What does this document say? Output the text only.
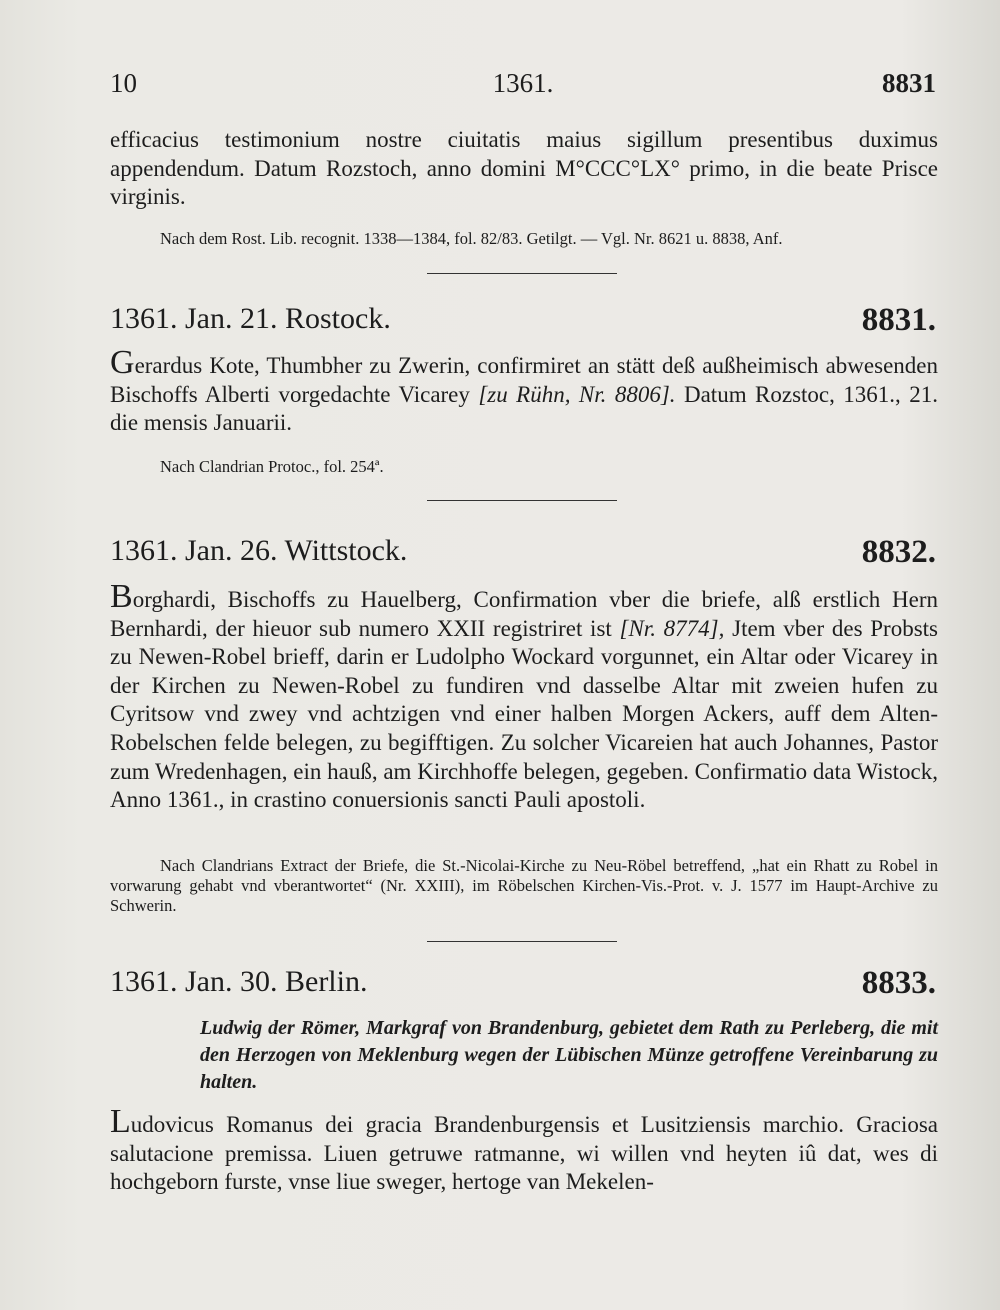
10	1361.	8831

efficacius testimonium nostre ciuitatis maius sigillum presentibus duximus appendendum. Datum Rozstoch, anno domini M°CCC°LX° primo, in die beate Prisce virginis.

Nach dem Rost. Lib. recognit. 1338—1384, fol. 82/83. Getilgt. — Vgl. Nr. 8621 u. 8838, Anf.

1361. Jan. 21. Rostock.	8831.

Gerardus Kote, Thumbher zu Zwerin, confirmiret an stätt deß außheimisch abwesenden Bischoffs Alberti vorgedachte Vicarey [zu Rühn, Nr. 8806]. Datum Rozstoc, 1361., 21. die mensis Januarii.

Nach Clandrian Protoc., fol. 254ª.

1361. Jan. 26. Wittstock.	8832.

Borghardi, Bischoffs zu Hauelberg, Confirmation vber die briefe, alß erstlich Hern Bernhardi, der hieuor sub numero XXII registriret ist [Nr. 8774], Jtem vber des Probsts zu Newen-Robel brieff, darin er Ludolpho Wockard vorgunnet, ein Altar oder Vicarey in der Kirchen zu Newen-Robel zu fundiren vnd dasselbe Altar mit zweien hufen zu Cyritsow vnd zwey vnd achtzigen vnd einer halben Morgen Ackers, auff dem Alten-Robelschen felde belegen, zu begifftigen. Zu solcher Vicareien hat auch Johannes, Pastor zum Wredenhagen, ein hauß, am Kirchhoffe belegen, gegeben. Confirmatio data Wistock, Anno 1361., in crastino conuersionis sancti Pauli apostoli.

Nach Clandrians Extract der Briefe, die St.-Nicolai-Kirche zu Neu-Röbel betreffend, „hat ein Rhatt zu Robel in vorwarung gehabt vnd vberantwortet“ (Nr. XXIII), im Röbelschen Kirchen-Vis.-Prot. v. J. 1577 im Haupt-Archive zu Schwerin.

1361. Jan. 30. Berlin.	8833.

Ludwig der Römer, Markgraf von Brandenburg, gebietet dem Rath zu Perleberg, die mit den Herzogen von Meklenburg wegen der Lübischen Münze getroffene Vereinbarung zu halten.

Ludovicus Romanus dei gracia Brandenburgensis et Lusitziensis marchio. Graciosa salutacione premissa. Liuen getruwe ratmanne, wi willen vnd heyten iû dat, wes di hochgeborn furste, vnse liue sweger, hertoge van Mekelen-
